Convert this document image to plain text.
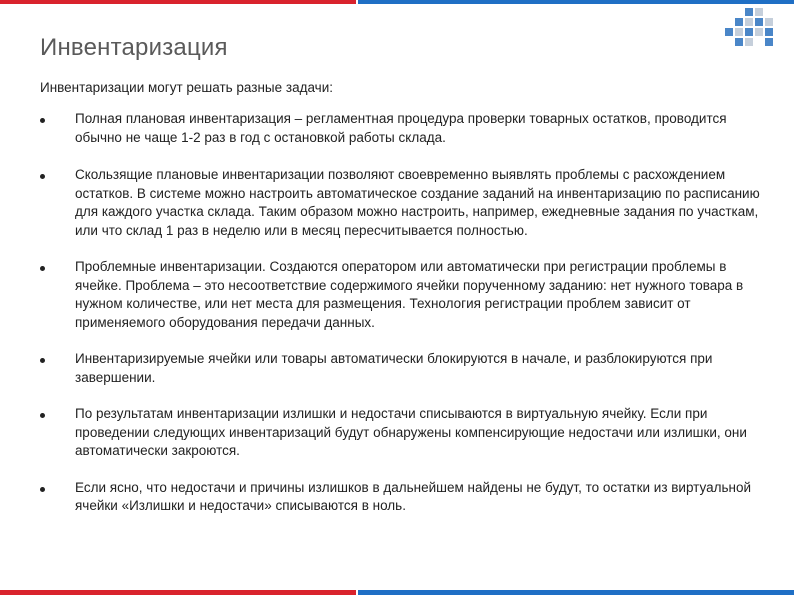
Инвентаризация
Инвентаризации могут решать разные задачи:
Полная плановая инвентаризация – регламентная процедура проверки товарных остатков, проводится обычно не чаще 1-2 раз в год с остановкой работы склада.
Скользящие плановые инвентаризации позволяют своевременно выявлять проблемы с расхождением остатков. В системе можно настроить автоматическое создание заданий на инвентаризацию по расписанию для каждого участка склада. Таким образом можно настроить, например, ежедневные задания по участкам, или что склад 1 раз в неделю или в месяц пересчитывается полностью.
Проблемные инвентаризации. Создаются оператором или автоматически при регистрации проблемы в ячейке. Проблема – это несоответствие содержимого ячейки порученному заданию: нет нужного товара в нужном количестве, или нет места для размещения. Технология регистрации проблем зависит от применяемого оборудования передачи данных.
Инвентаризируемые ячейки или товары автоматически блокируются в начале, и разблокируются при завершении.
По результатам инвентаризации излишки и недостачи списываются в виртуальную ячейку. Если при проведении следующих инвентаризаций будут обнаружены компенсирующие недостачи или излишки, они автоматически закроются.
Если ясно, что недостачи и причины излишков в дальнейшем найдены не будут, то остатки из виртуальной ячейки «Излишки и недостачи» списываются в ноль.
